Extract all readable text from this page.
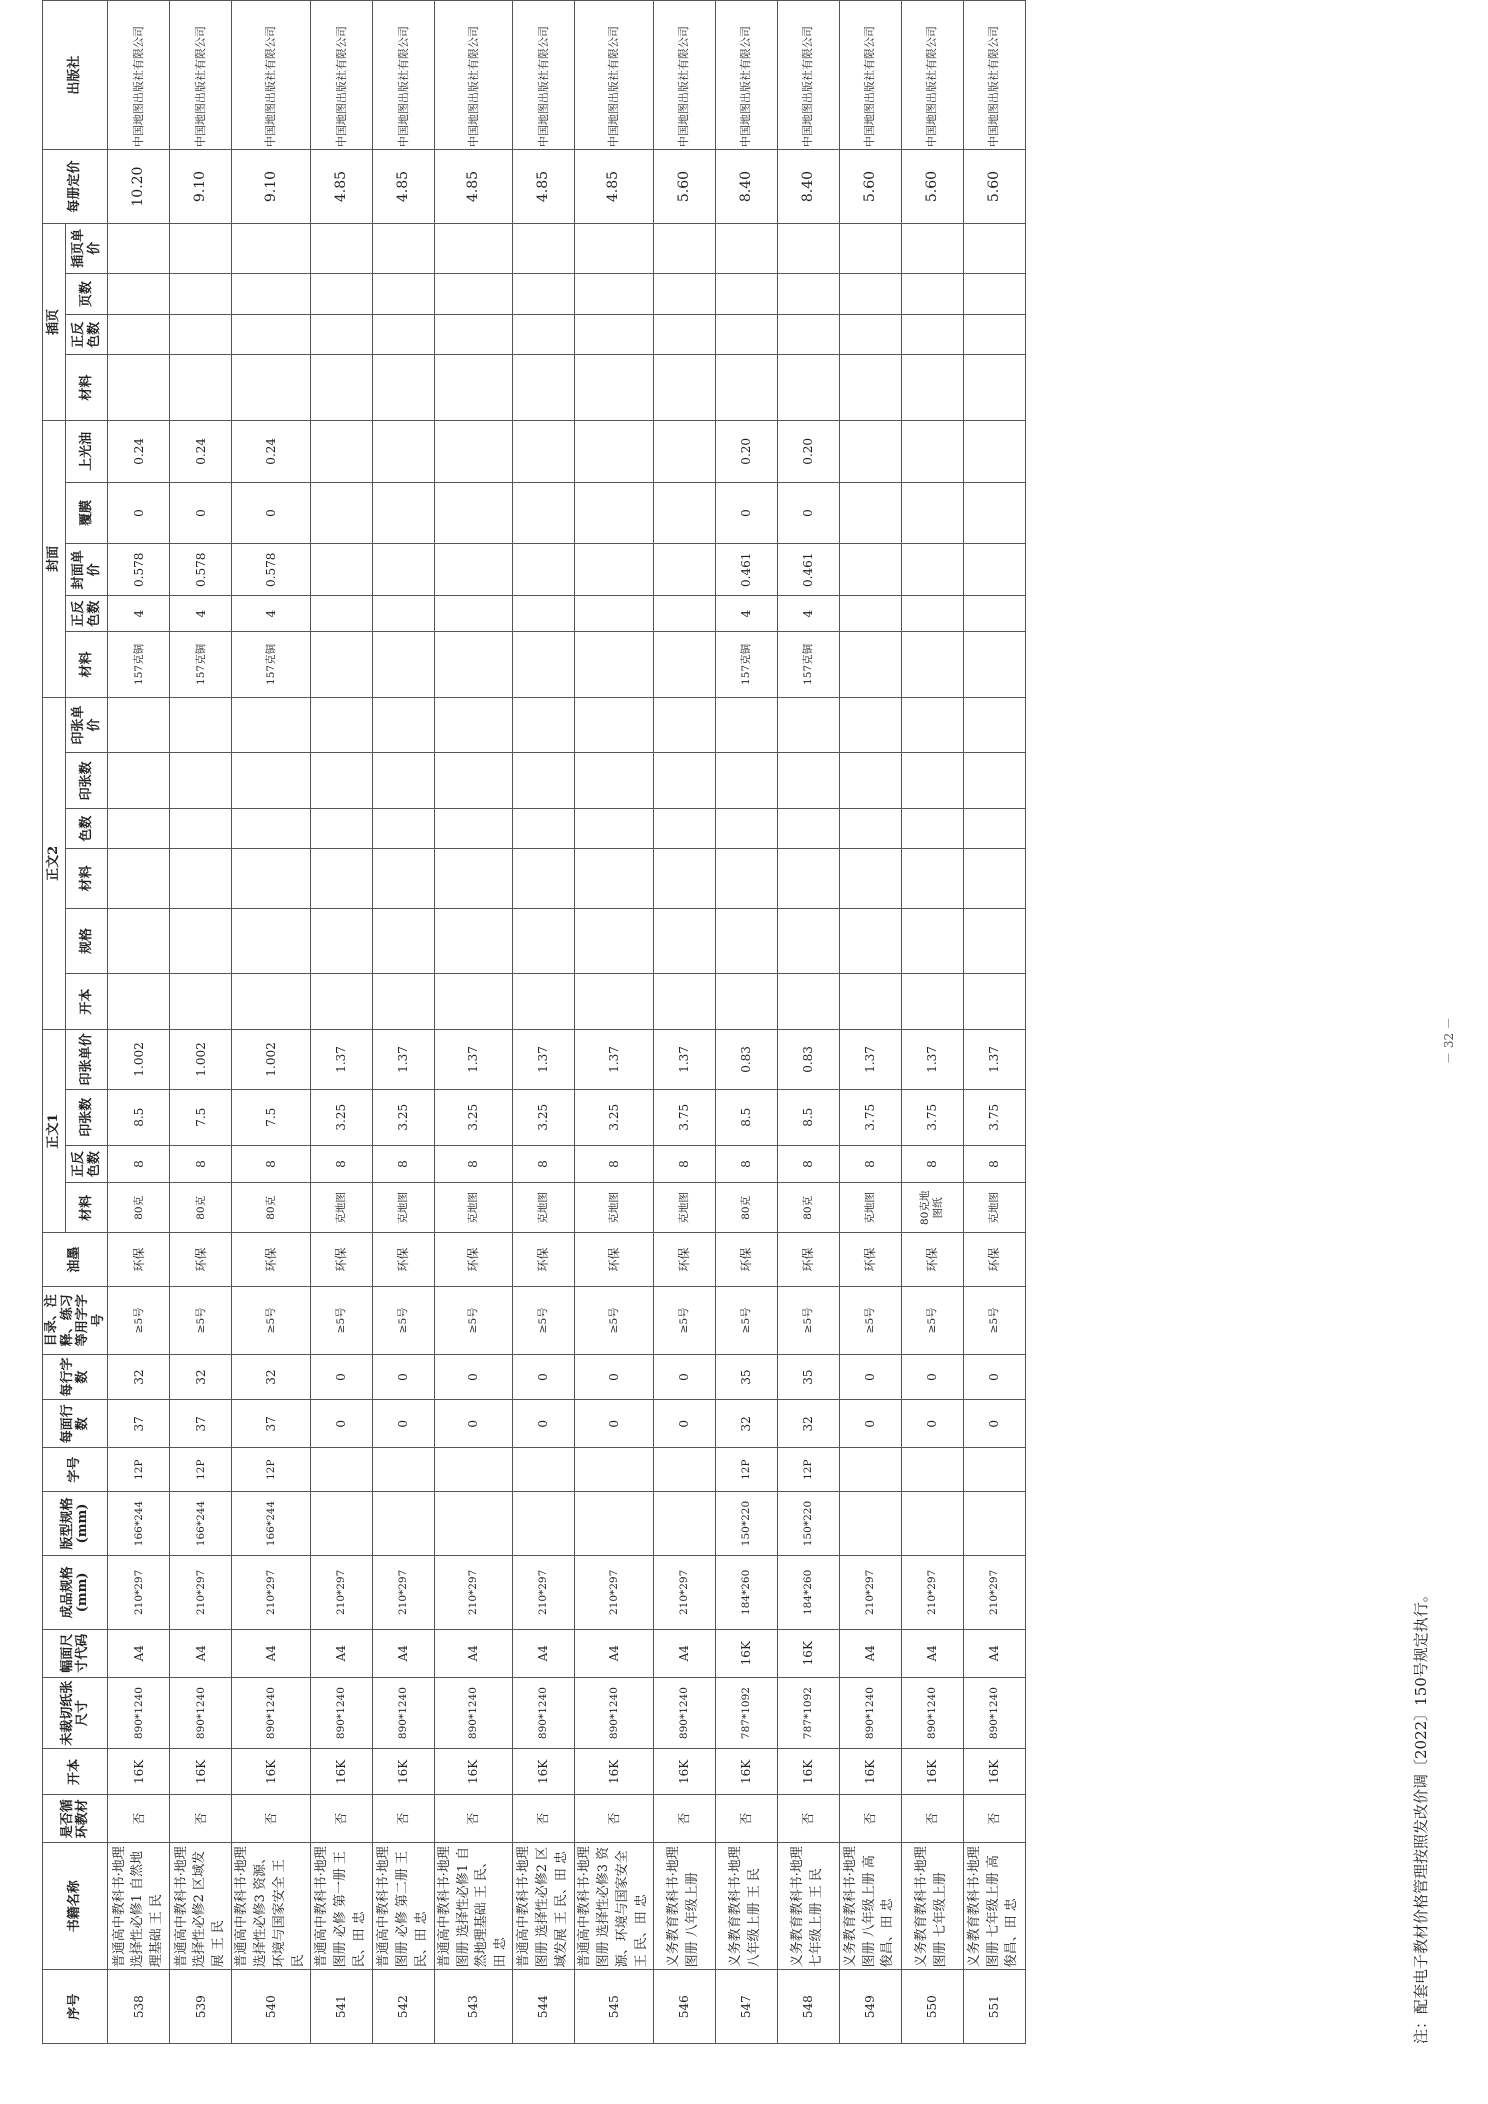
序号	书籍名称	是否循环教材	开本	未裁切纸张尺寸	幅面尺寸代码	成品规格(mm)	版型规格(mm)	字号	每面行数	每行字数	目录、注释、练习等用字字号	油墨	正文1				正文2						封面					插页				每册定价	出版社
													材料	正反色数	印张数	印张单价	开本	规格	材料	色数	印张数	印张单价	材料	正反色数	封面单价	覆膜	上光油	材料	正反色数	页数	插页单价		
538	普通高中教科书·地理 选择性必修1 自然地理基础 王 民	否	16K	890*1240	A4	210*297	166*244	12P	37	32	≥5号	环保	80克	8	8.5	1.002							157克铜	4	0.578	0	0.24					10.20	中国地图出版社有限公司
539	普通高中教科书·地理 选择性必修2 区域发展 王 民	否	16K	890*1240	A4	210*297	166*244	12P	37	32	≥5号	环保	80克	8	7.5	1.002							157克铜	4	0.578	0	0.24					9.10	中国地图出版社有限公司
540	普通高中教科书·地理 选择性必修3 资源、环境与国家安全 王 民	否	16K	890*1240	A4	210*297	166*244	12P	37	32	≥5号	环保	80克	8	7.5	1.002							157克铜	4	0.578	0	0.24					9.10	中国地图出版社有限公司
541	普通高中教科书·地理图册 必修 第一册 王 民、田 忠	否	16K	890*1240	A4	210*297			0	0	≥5号	环保	克地图	8	3.25	1.37																4.85	中国地图出版社有限公司
542	普通高中教科书·地理图册 必修 第二册 王 民、田 忠	否	16K	890*1240	A4	210*297			0	0	≥5号	环保	克地图	8	3.25	1.37																4.85	中国地图出版社有限公司
543	普通高中教科书·地理图册 选择性必修1 自然地理基础 王 民、田 忠	否	16K	890*1240	A4	210*297			0	0	≥5号	环保	克地图	8	3.25	1.37																4.85	中国地图出版社有限公司
544	普通高中教科书·地理图册 选择性必修2 区域发展 王 民、田 忠	否	16K	890*1240	A4	210*297			0	0	≥5号	环保	克地图	8	3.25	1.37																4.85	中国地图出版社有限公司
545	普通高中教科书·地理图册 选择性必修3 资源、环境与国家安全 王 民、田 忠	否	16K	890*1240	A4	210*297			0	0	≥5号	环保	克地图	8	3.25	1.37																4.85	中国地图出版社有限公司
546	义务教育教科书·地理图册 八年级上册	否	16K	890*1240	A4	210*297			0	0	≥5号	环保	克地图	8	3.75	1.37																5.60	中国地图出版社有限公司
547	义务教育教科书·地理 八年级上册 王 民	否	16K	787*1092	16K	184*260	150*220	12P	32	35	≥5号	环保	80克	8	8.5	0.83							157克铜	4	0.461	0	0.20					8.40	中国地图出版社有限公司
548	义务教育教科书·地理 七年级上册 王 民	否	16K	787*1092	16K	184*260	150*220	12P	32	35	≥5号	环保	80克	8	8.5	0.83							157克铜	4	0.461	0	0.20					8.40	中国地图出版社有限公司
549	义务教育教科书·地理图册 八年级上册 高俊昌、田 忠	否	16K	890*1240	A4	210*297			0	0	≥5号	环保	克地图	8	3.75	1.37																5.60	中国地图出版社有限公司
550	义务教育教科书·地理图册 七年级上册	否	16K	890*1240	A4	210*297			0	0	≥5号	环保	80克地图纸	8	3.75	1.37																5.60	中国地图出版社有限公司
551	义务教育教科书·地理图册 七年级上册 高俊昌、田 忠	否	16K	890*1240	A4	210*297			0	0	≥5号	环保	克地图	8	3.75	1.37																5.60	中国地图出版社有限公司
注：配套电子教材价格管理按照发改价调〔2022〕150号规定执行。
－ 32 －
